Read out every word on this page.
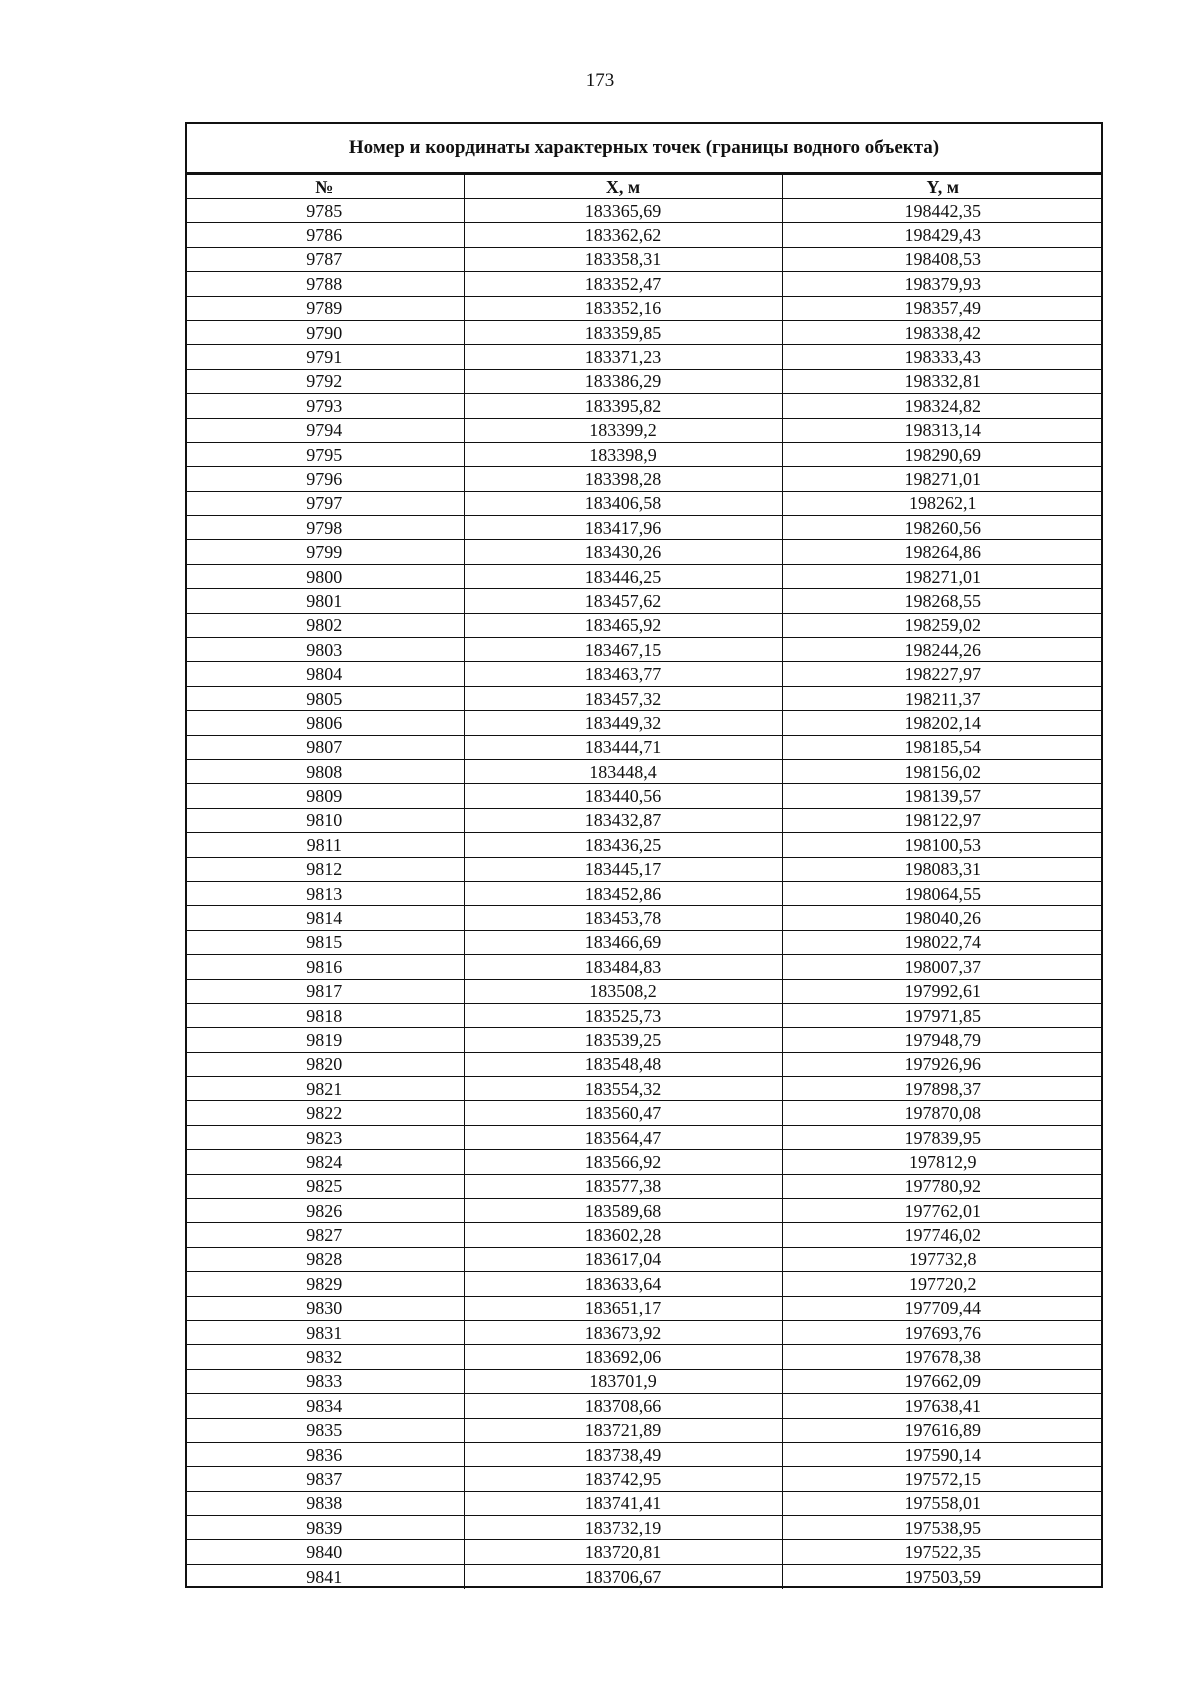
173
Номер и координаты характерных точек (границы водного объекта)
№	X, м	Y, м
9785	183365,69	198442,35
9786	183362,62	198429,43
9787	183358,31	198408,53
9788	183352,47	198379,93
9789	183352,16	198357,49
9790	183359,85	198338,42
9791	183371,23	198333,43
9792	183386,29	198332,81
9793	183395,82	198324,82
9794	183399,2	198313,14
9795	183398,9	198290,69
9796	183398,28	198271,01
9797	183406,58	198262,1
9798	183417,96	198260,56
9799	183430,26	198264,86
9800	183446,25	198271,01
9801	183457,62	198268,55
9802	183465,92	198259,02
9803	183467,15	198244,26
9804	183463,77	198227,97
9805	183457,32	198211,37
9806	183449,32	198202,14
9807	183444,71	198185,54
9808	183448,4	198156,02
9809	183440,56	198139,57
9810	183432,87	198122,97
9811	183436,25	198100,53
9812	183445,17	198083,31
9813	183452,86	198064,55
9814	183453,78	198040,26
9815	183466,69	198022,74
9816	183484,83	198007,37
9817	183508,2	197992,61
9818	183525,73	197971,85
9819	183539,25	197948,79
9820	183548,48	197926,96
9821	183554,32	197898,37
9822	183560,47	197870,08
9823	183564,47	197839,95
9824	183566,92	197812,9
9825	183577,38	197780,92
9826	183589,68	197762,01
9827	183602,28	197746,02
9828	183617,04	197732,8
9829	183633,64	197720,2
9830	183651,17	197709,44
9831	183673,92	197693,76
9832	183692,06	197678,38
9833	183701,9	197662,09
9834	183708,66	197638,41
9835	183721,89	197616,89
9836	183738,49	197590,14
9837	183742,95	197572,15
9838	183741,41	197558,01
9839	183732,19	197538,95
9840	183720,81	197522,35
9841	183706,67	197503,59
